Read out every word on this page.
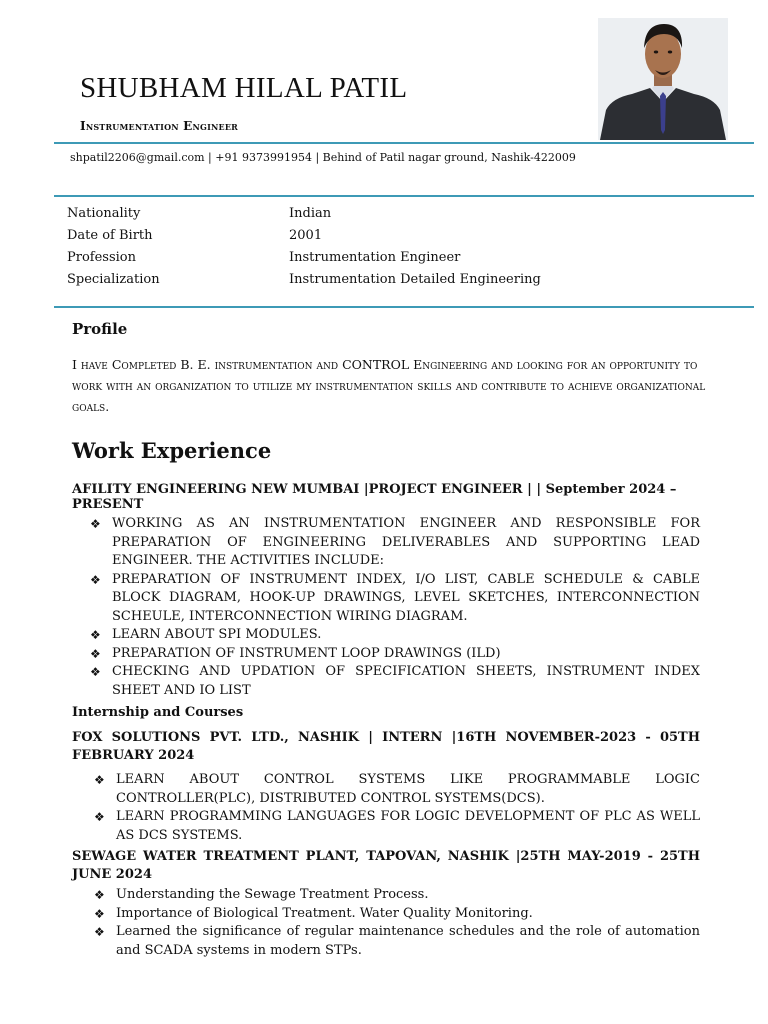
SHUBHAM HILAL PATIL
Instrumentation Engineer
shpatil2206@gmail.com | +91 9373991954 | Behind of Patil nagar ground, Nashik-422009
Nationality	Indian
Date of Birth	2001
Profession	Instrumentation Engineer
Specialization	Instrumentation Detailed Engineering
Profile
I have Completed B. E. instrumentation and CONTROL Engineering and looking for an opportunity to work with an organization to utilize my instrumentation skills and contribute to achieve organizational goals.
Work Experience
AFILITY ENGINEERING NEW MUMBAI |PROJECT ENGINEER | | September 2024 – PRESENT
❖ WORKING AS AN INSTRUMENTATION ENGINEER AND RESPONSIBLE FOR PREPARATION OF ENGINEERING DELIVERABLES AND SUPPORTING LEAD ENGINEER. THE ACTIVITIES INCLUDE:
❖ PREPARATION OF INSTRUMENT INDEX, I/O LIST, CABLE SCHEDULE & CABLE BLOCK DIAGRAM, HOOK-UP DRAWINGS, LEVEL SKETCHES, INTERCONNECTION SCHEULE, INTERCONNECTION WIRING DIAGRAM.
❖ LEARN ABOUT SPI MODULES.
❖ PREPARATION OF INSTRUMENT LOOP DRAWINGS (ILD)
❖ CHECKING AND UPDATION OF SPECIFICATION SHEETS, INSTRUMENT INDEX SHEET AND IO LIST
Internship and Courses
FOX SOLUTIONS PVT. LTD., NASHIK | INTERN |16TH NOVEMBER-2023 - 05TH FEBRUARY 2024
❖ LEARN ABOUT CONTROL SYSTEMS LIKE PROGRAMMABLE LOGIC CONTROLLER(PLC), DISTRIBUTED CONTROL SYSTEMS(DCS).
❖ LEARN PROGRAMMING LANGUAGES FOR LOGIC DEVELOPMENT OF PLC AS WELL AS DCS SYSTEMS.
SEWAGE WATER TREATMENT PLANT, TAPOVAN, NASHIK |25TH MAY-2019 - 25TH JUNE 2024
❖ Understanding the Sewage Treatment Process.
❖ Importance of Biological Treatment. Water Quality Monitoring.
❖ Learned the significance of regular maintenance schedules and the role of automation and SCADA systems in modern STPs.
